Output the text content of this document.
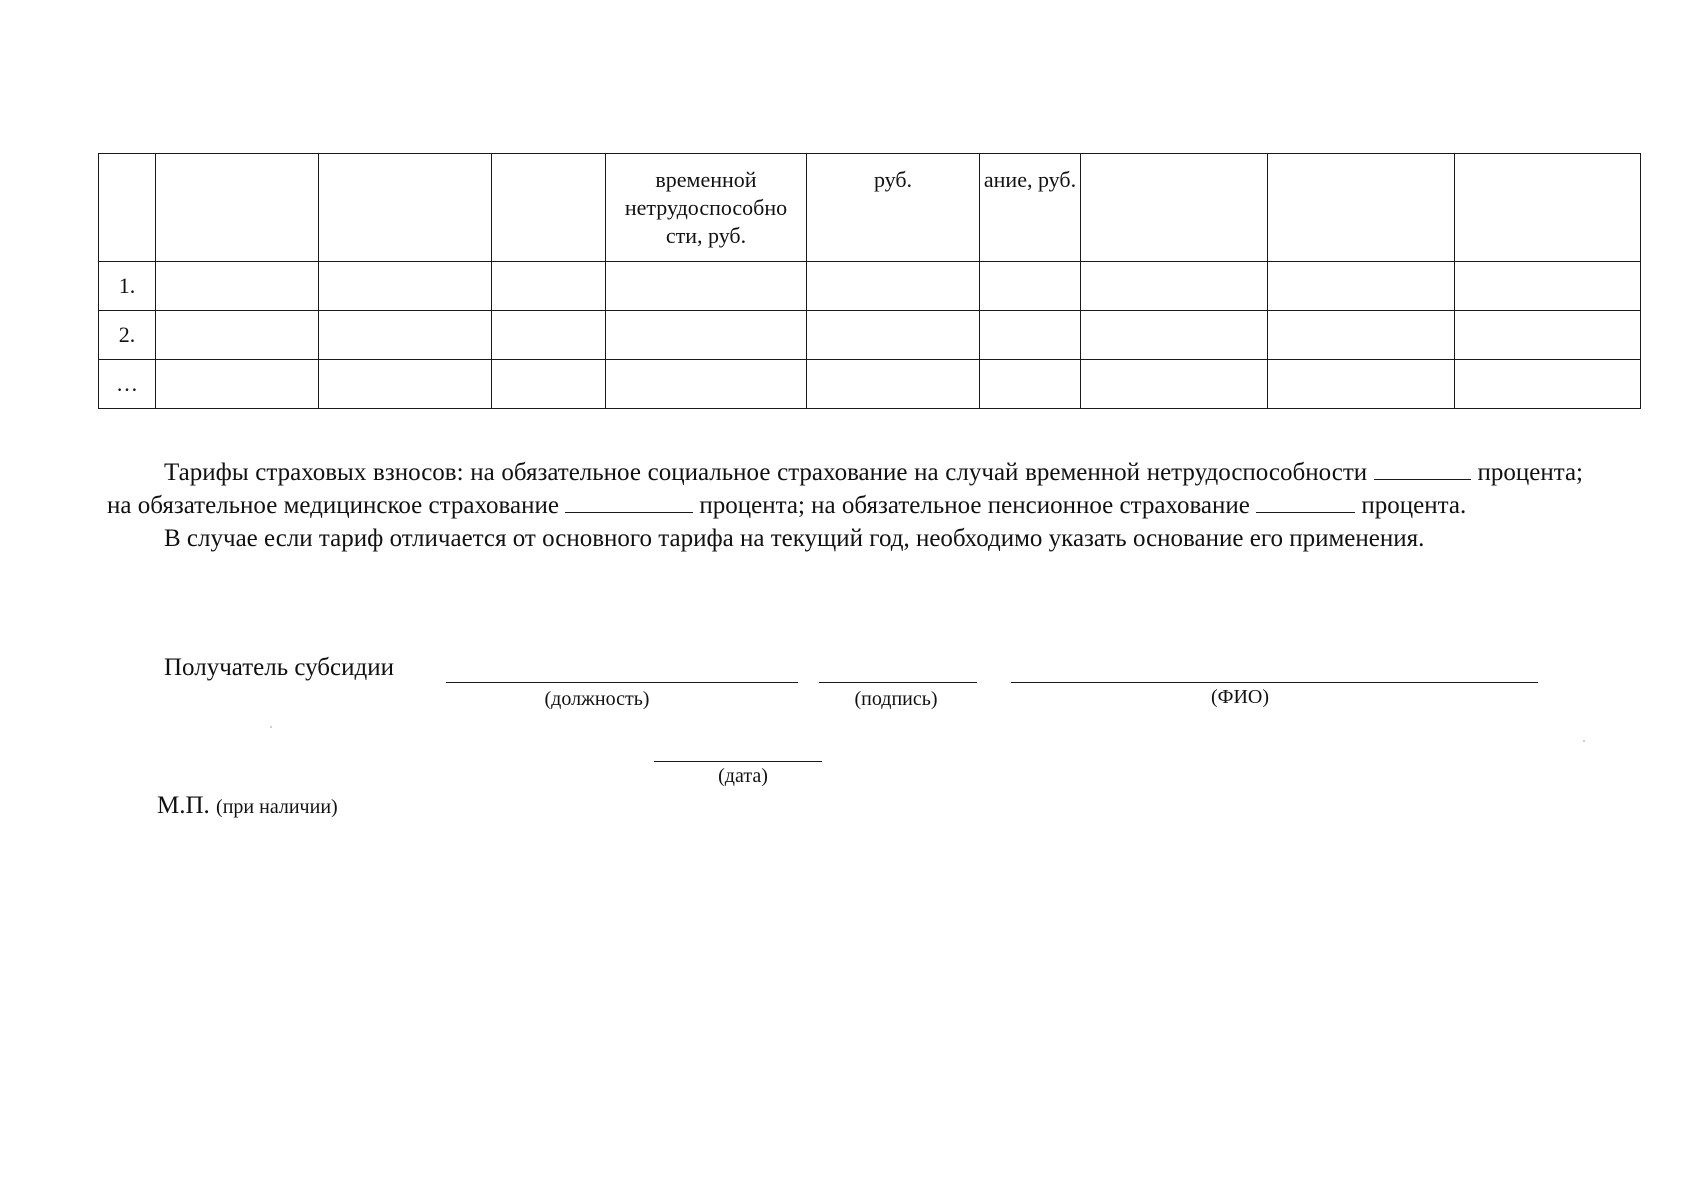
				временной нетрудоспособно сти, руб.	руб.	ание, руб.			

1.									
2.									
…									

Тарифы страховых взносов: на обязательное социальное страхование на случай временной нетрудоспособности	процента; на обязательное медицинское страхование	процента; на обязательное пенсионное страхование	процента.

В случае если тариф отличается от основного тарифа на текущий год, необходимо указать основание его применения.

Получатель субсидии
(должность)	(подпись)	(ФИО)
(дата)
М.П. (при наличии)
